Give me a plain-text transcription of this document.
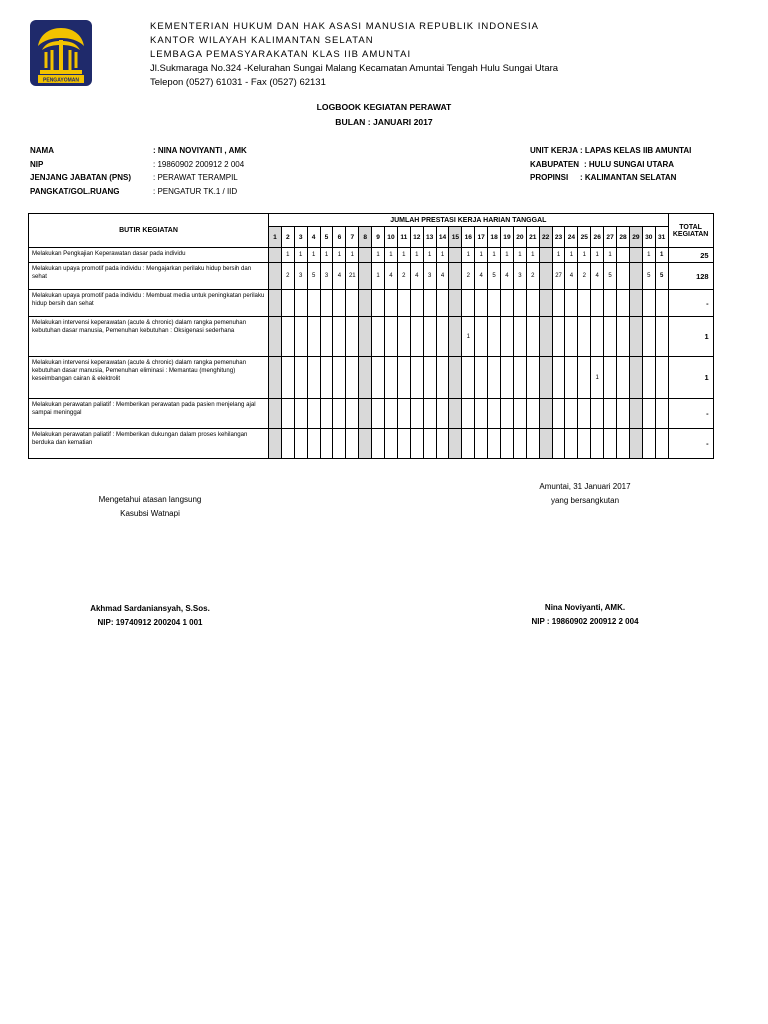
PENGAYOMAN
KEMENTERIAN HUKUM DAN HAK ASASI MANUSIA REPUBLIK INDONESIA
KANTOR WILAYAH KALIMANTAN SELATAN
LEMBAGA PEMASYARAKATAN KLAS IIB AMUNTAI
Jl.Sukmaraga No.324 -Kelurahan Sungai Malang Kecamatan Amuntai Tengah Hulu Sungai Utara
Telepon (0527) 61031 - Fax (0527) 62131
LOGBOOK KEGIATAN PERAWAT
BULAN : JANUARI 2017
NAMA	: NINA NOVIYANTI , AMK
NIP	: 19860902 200912 2 004
JENJANG JABATAN (PNS)	: PERAWAT TERAMPIL
PANGKAT/GOL.RUANG	: PENGATUR TK.1 / IID
UNIT KERJA : LAPAS KELAS IIB AMUNTAI
KABUPATEN : HULU SUNGAI UTARA
PROPINSI	: KALIMANTAN SELATAN
BUTIR KEGIATAN	JUMLAH PRESTASI KERJA HARIAN TANGGAL																															TOTAL KEGIATAN
	1	2	3	4	5	6	7	8	9	10	11	12	13	14	15	16	17	18	19	20	21	22	23	24	25	26	27	28	29	30	31	
Melakukan Pengkajian Keperawatan dasar pada individu		1	1	1	1	1	1		1	1	1	1	1	1		1	1	1	1	1	1		1	1	1	1	1			1	1	25
Melakukan upaya promotif pada individu : Mengajarkan perilaku hidup bersih dan sehat		2	3	5	3	4	21		1	4	2	4	3	4		2	4	5	4	3	2		27	4	2	4	5			5	5	128
Melakukan upaya promotif pada individu : Membuat media untuk peningkatan perilaku hidup bersih dan sehat																																-
Melakukan intervensi keperawatan (acute & chronic) dalam rangka pemenuhan kebutuhan dasar manusia, Pemenuhan kebutuhan : Oksigenasi sederhana																1																1
Melakukan intervensi keperawatan (acute & chronic) dalam rangka pemenuhan kebutuhan dasar manusia, Pemenuhan eliminasi : Memantau (menghitung) keseimbangan cairan & elektrolit																										1						1
Melakukan perawatan paliatif : Memberikan perawatan pada pasien menjelang ajal sampai meninggal																																-
Melakukan perawatan paliatif : Memberikan dukungan dalam proses kehilangan berduka dan kematian																																-
Mengetahui atasan langsung
Kasubsi Watnapi
Akhmad Sardaniansyah, S.Sos.
NIP: 19740912 200204 1 001
Amuntai, 31 Januari 2017
yang bersangkutan
Nina Noviyanti, AMK.
NIP : 19860902 200912 2 004
